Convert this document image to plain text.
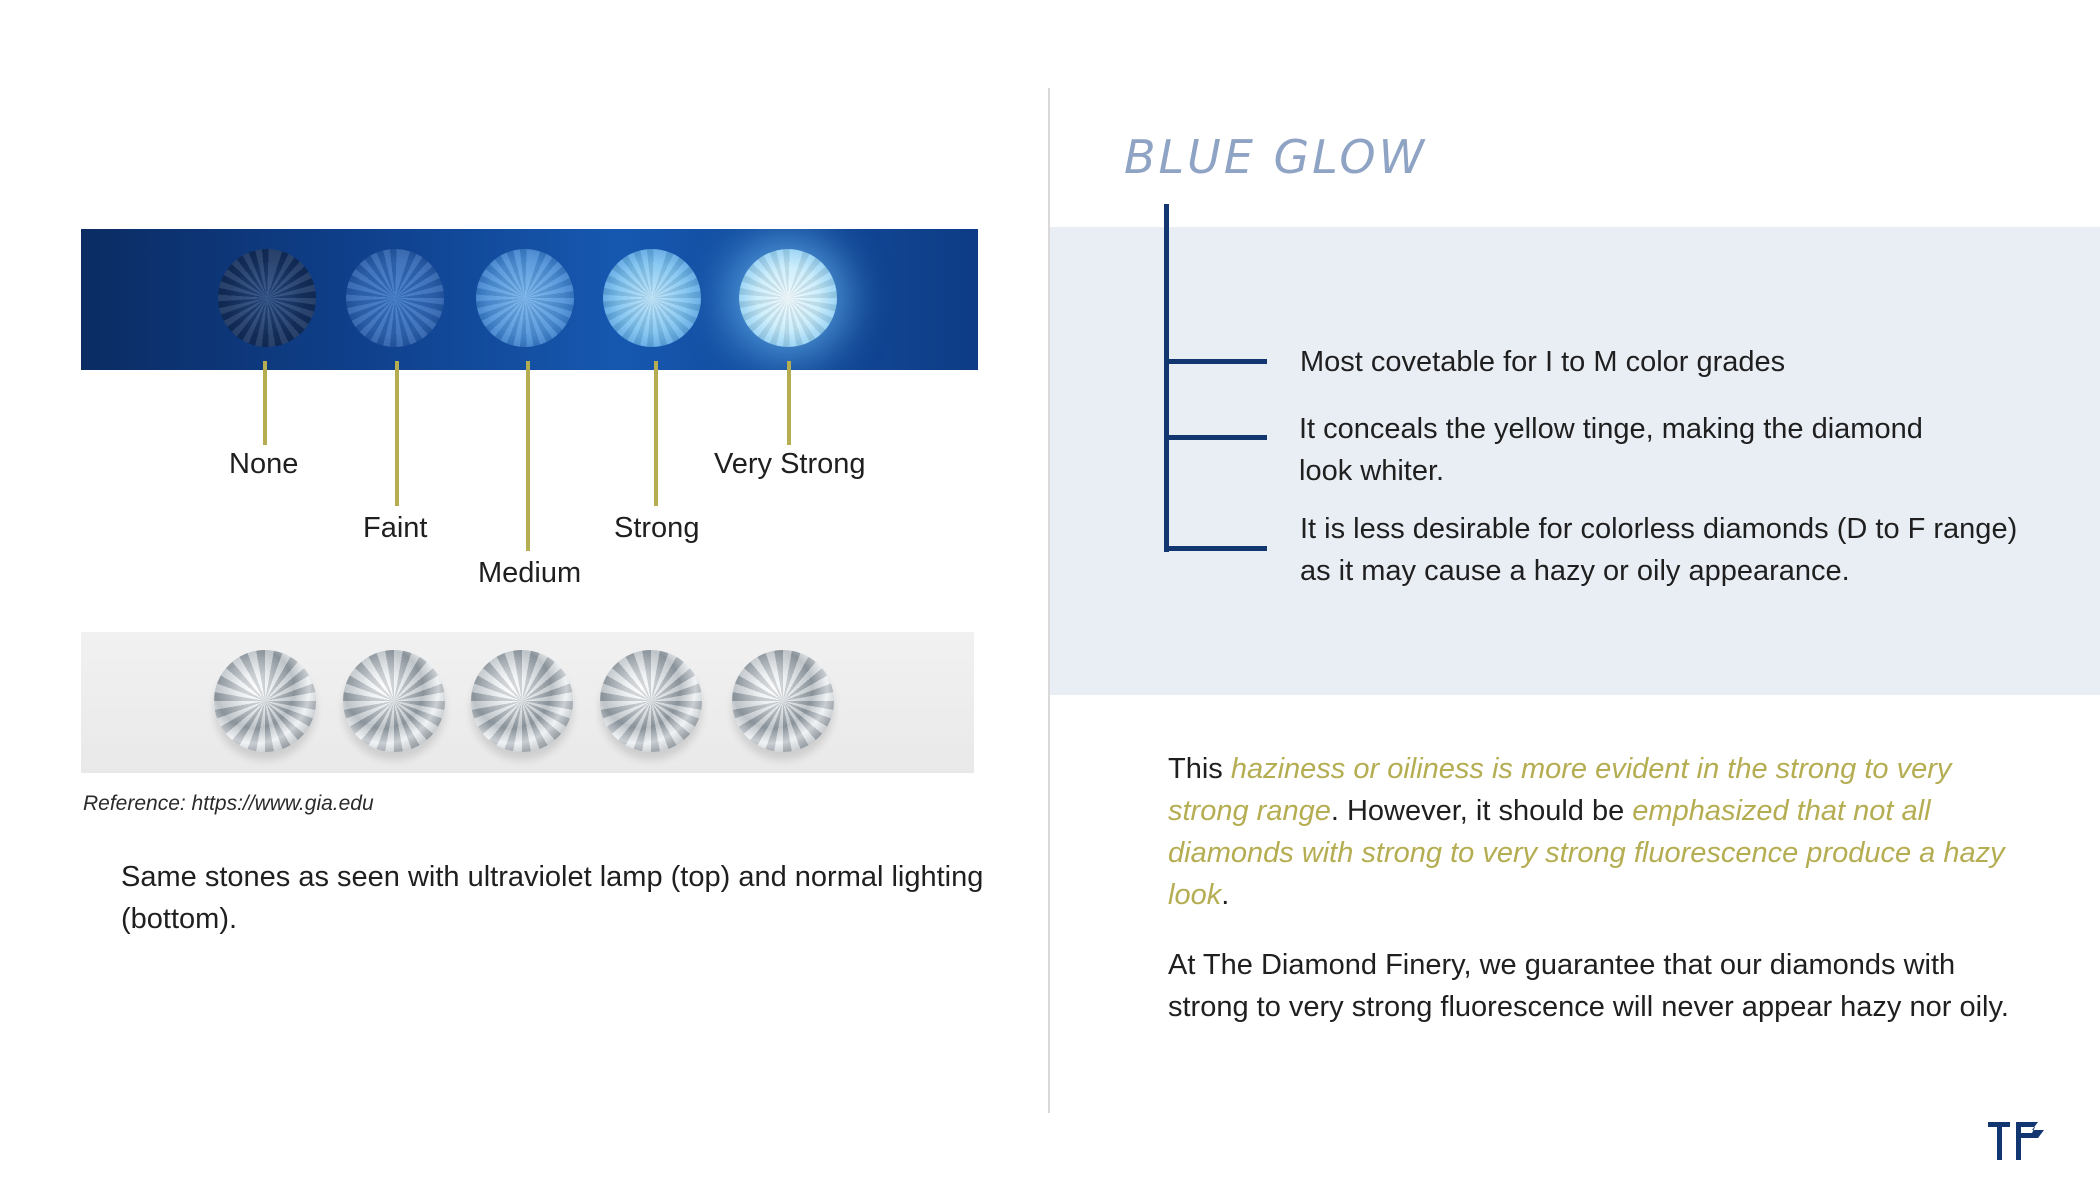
None
Faint
Medium
Strong
Very Strong
Reference: https://www.gia.edu
Same stones as seen with ultraviolet lamp (top) and normal lighting (bottom).
BLUE GLOW
Most covetable for I to M color grades
It conceals the yellow tinge, making the diamond look whiter.
It is less desirable for colorless diamonds (D to F range) as it may cause a hazy or oily appearance.
This haziness or oiliness is more evident in the strong to very strong range. However, it should be emphasized that not all diamonds with strong to very strong fluorescence produce a hazy look.
At The Diamond Finery, we guarantee that our diamonds with strong to very strong fluorescence will never appear hazy nor oily.
